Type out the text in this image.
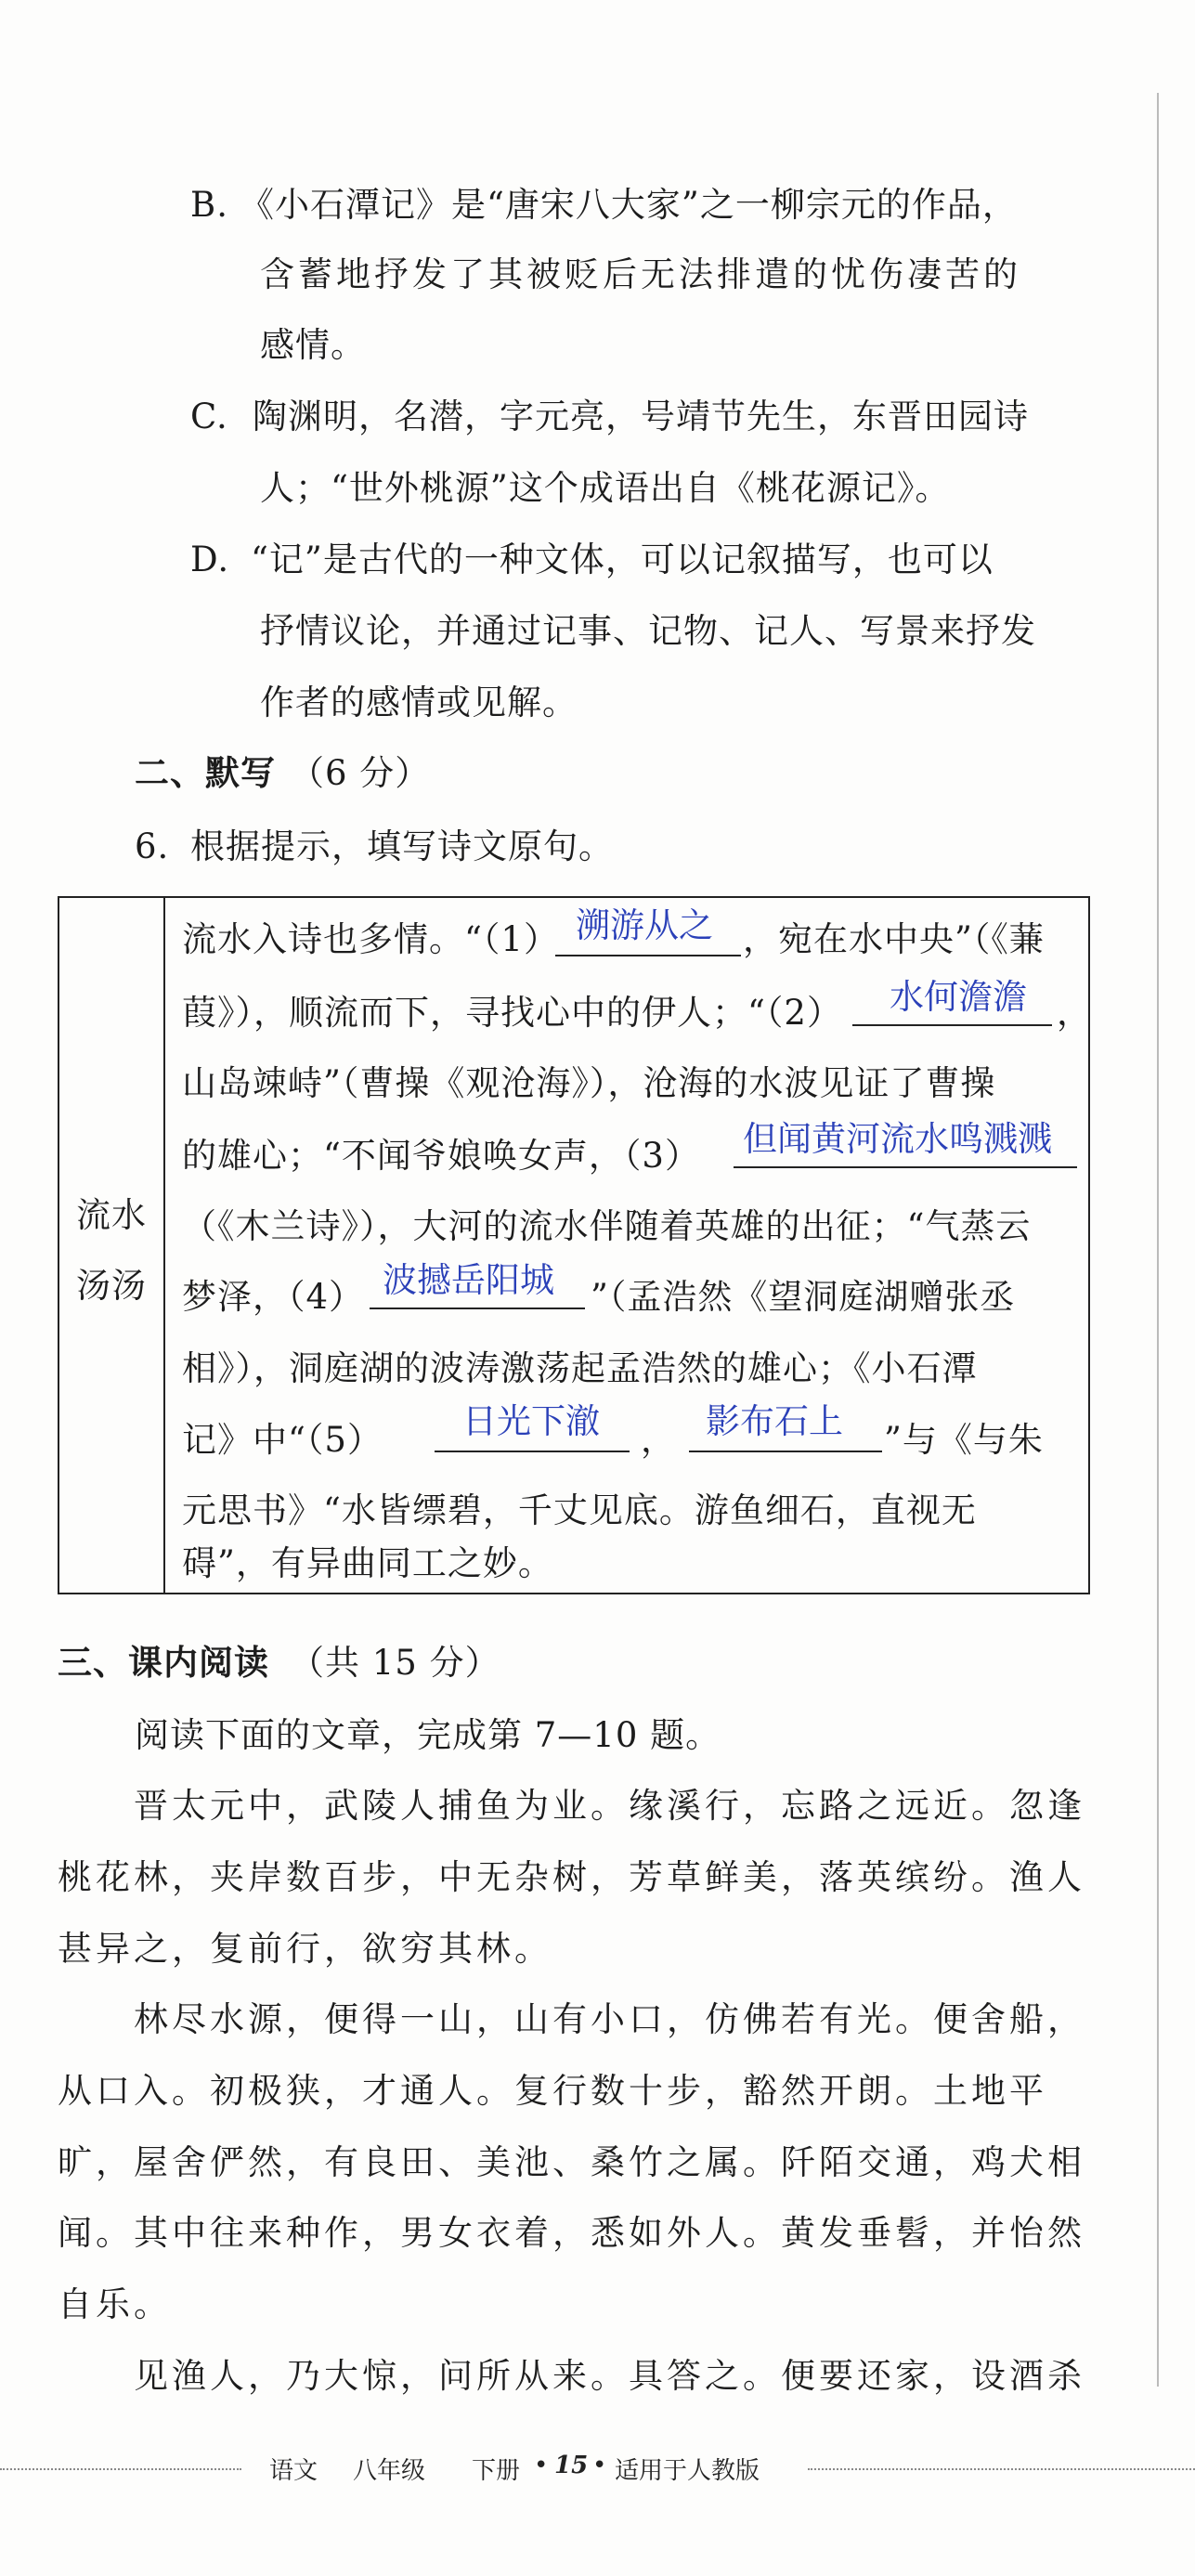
B. 《小石潭记》是“唐宋八大家”之一柳宗元的作品，
含蓄地抒发了其被贬后无法排遣的忧伤凄苦的
感情。
C. 陶渊明，名潜，字元亮，号靖节先生，东晋田园诗
人；“世外桃源”这个成语出自《桃花源记》。
D. “记”是古代的一种文体，可以记叙描写，也可以
抒情议论，并通过记事、记物、记人、写景来抒发
作者的感情或见解。
二、默写 （6 分）
6. 根据提示，填写诗文原句。
流水
汤汤
流水入诗也多情。“（1） 溯游从之 ，宛在水中央”（《蒹
葭》），顺流而下，寻找心中的伊人；“（2） 水何澹澹 ，
山岛竦峙”（曹操《观沧海》），沧海的水波见证了曹操
的雄心；“不闻爷娘唤女声，（3） 但闻黄河流水鸣溅溅
（《木兰诗》），大河的流水伴随着英雄的出征；“气蒸云
梦泽，（4） 波撼岳阳城 ”（孟浩然《望洞庭湖赠张丞
相》），洞庭湖的波涛激荡起孟浩然的雄心；《小石潭
记》中“（5） 日光下澈 ， 影布石上 ”与《与朱
元思书》“水皆缥碧，千丈见底。游鱼细石，直视无
碍”，有异曲同工之妙。
三、课内阅读 （共 15 分）
阅读下面的文章，完成第 7—10 题。
　　晋太元中，武陵人捕鱼为业。缘溪行，忘路之远近。忽逢
桃花林，夹岸数百步，中无杂树，芳草鲜美，落英缤纷。渔人
甚异之，复前行，欲穷其林。
　　林尽水源，便得一山，山有小口，仿佛若有光。便舍船，
从口入。初极狭，才通人。复行数十步，豁然开朗。土地平
旷，屋舍俨然，有良田、美池、桑竹之属。阡陌交通，鸡犬相
闻。其中往来种作，男女衣着，悉如外人。黄发垂髫，并怡然
自乐。
　　见渔人，乃大惊，问所从来。具答之。便要还家，设酒杀
语文 八年级 下册 • 15 • 适用于人教版
